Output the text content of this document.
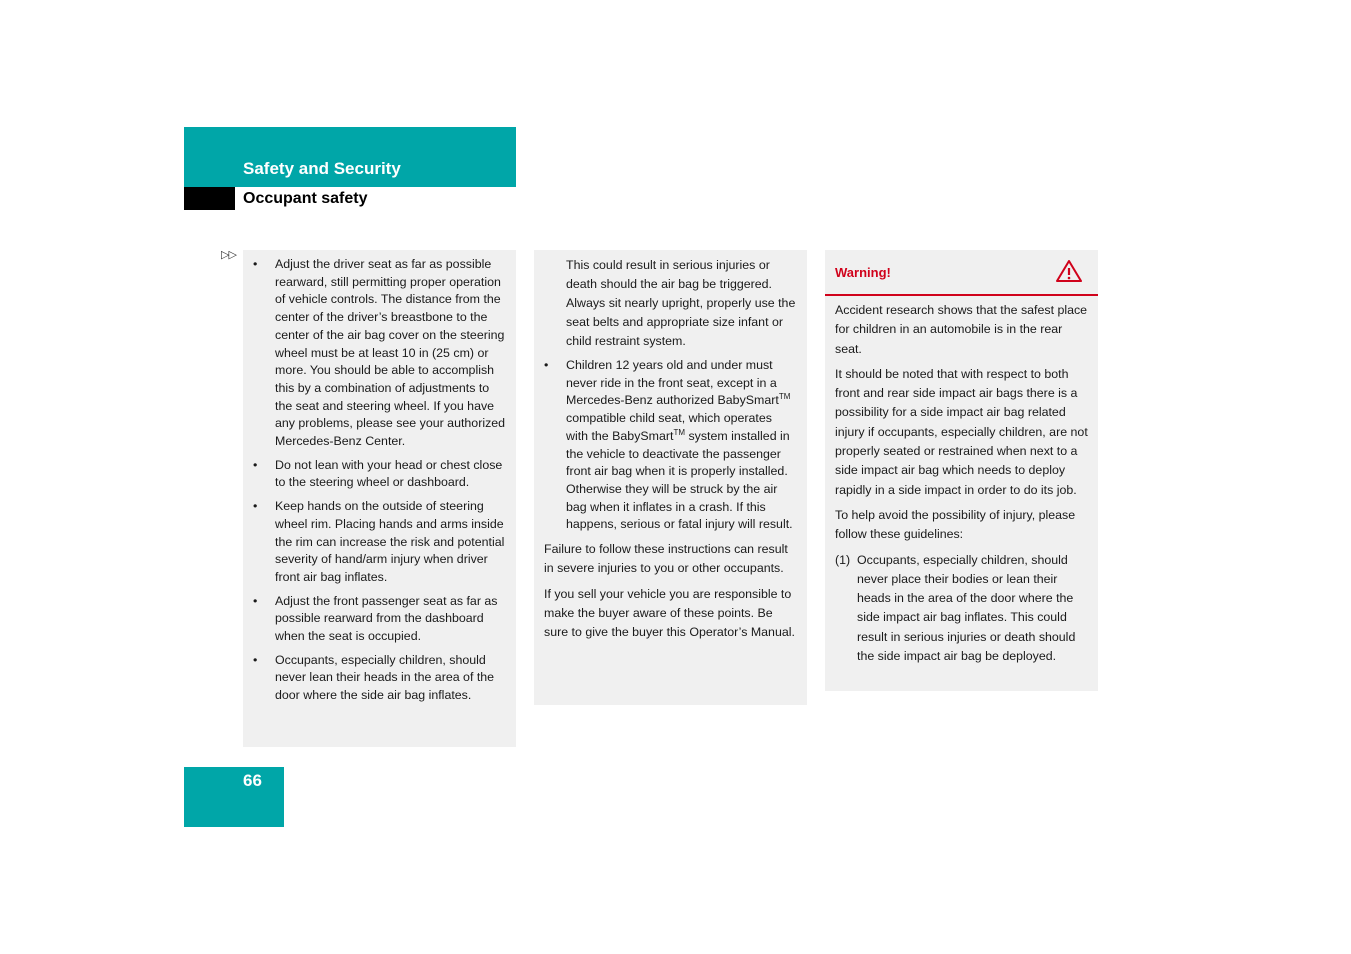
Safety and Security
Occupant safety
▷▷
• Adjust the driver seat as far as possible rearward, still permitting proper operation of vehicle controls. The distance from the center of the driver’s breastbone to the center of the air bag cover on the steering wheel must be at least 10 in (25 cm) or more. You should be able to accomplish this by a combination of adjustments to the seat and steering wheel. If you have any problems, please see your authorized Mercedes-Benz Center.
• Do not lean with your head or chest close to the steering wheel or dashboard.
• Keep hands on the outside of steering wheel rim. Placing hands and arms inside the rim can increase the risk and potential severity of hand/arm injury when driver front air bag inflates.
• Adjust the front passenger seat as far as possible rearward from the dashboard when the seat is occupied.
• Occupants, especially children, should never lean their heads in the area of the door where the side air bag inflates.

This could result in serious injuries or death should the air bag be triggered. Always sit nearly upright, properly use the seat belts and appropriate size infant or child restraint system.

• Children 12 years old and under must never ride in the front seat, except in a Mercedes-Benz authorized BabySmart™ compatible child seat, which operates with the BabySmart™ system installed in the vehicle to deactivate the passenger front air bag when it is properly installed. Otherwise they will be struck by the air bag when it inflates in a crash. If this happens, serious or fatal injury will result.

Failure to follow these instructions can result in severe injuries to you or other occupants.

If you sell your vehicle you are responsible to make the buyer aware of these points. Be sure to give the buyer this Operator’s Manual.

Warning!

Accident research shows that the safest place for children in an automobile is in the rear seat.

It should be noted that with respect to both front and rear side impact air bags there is a possibility for a side impact air bag related injury if occupants, especially children, are not properly seated or restrained when next to a side impact air bag which needs to deploy rapidly in a side impact in order to do its job.

To help avoid the possibility of injury, please follow these guidelines:

(1) Occupants, especially children, should never place their bodies or lean their heads in the area of the door where the side impact air bag inflates. This could result in serious injuries or death should the side impact air bag be deployed.
66
